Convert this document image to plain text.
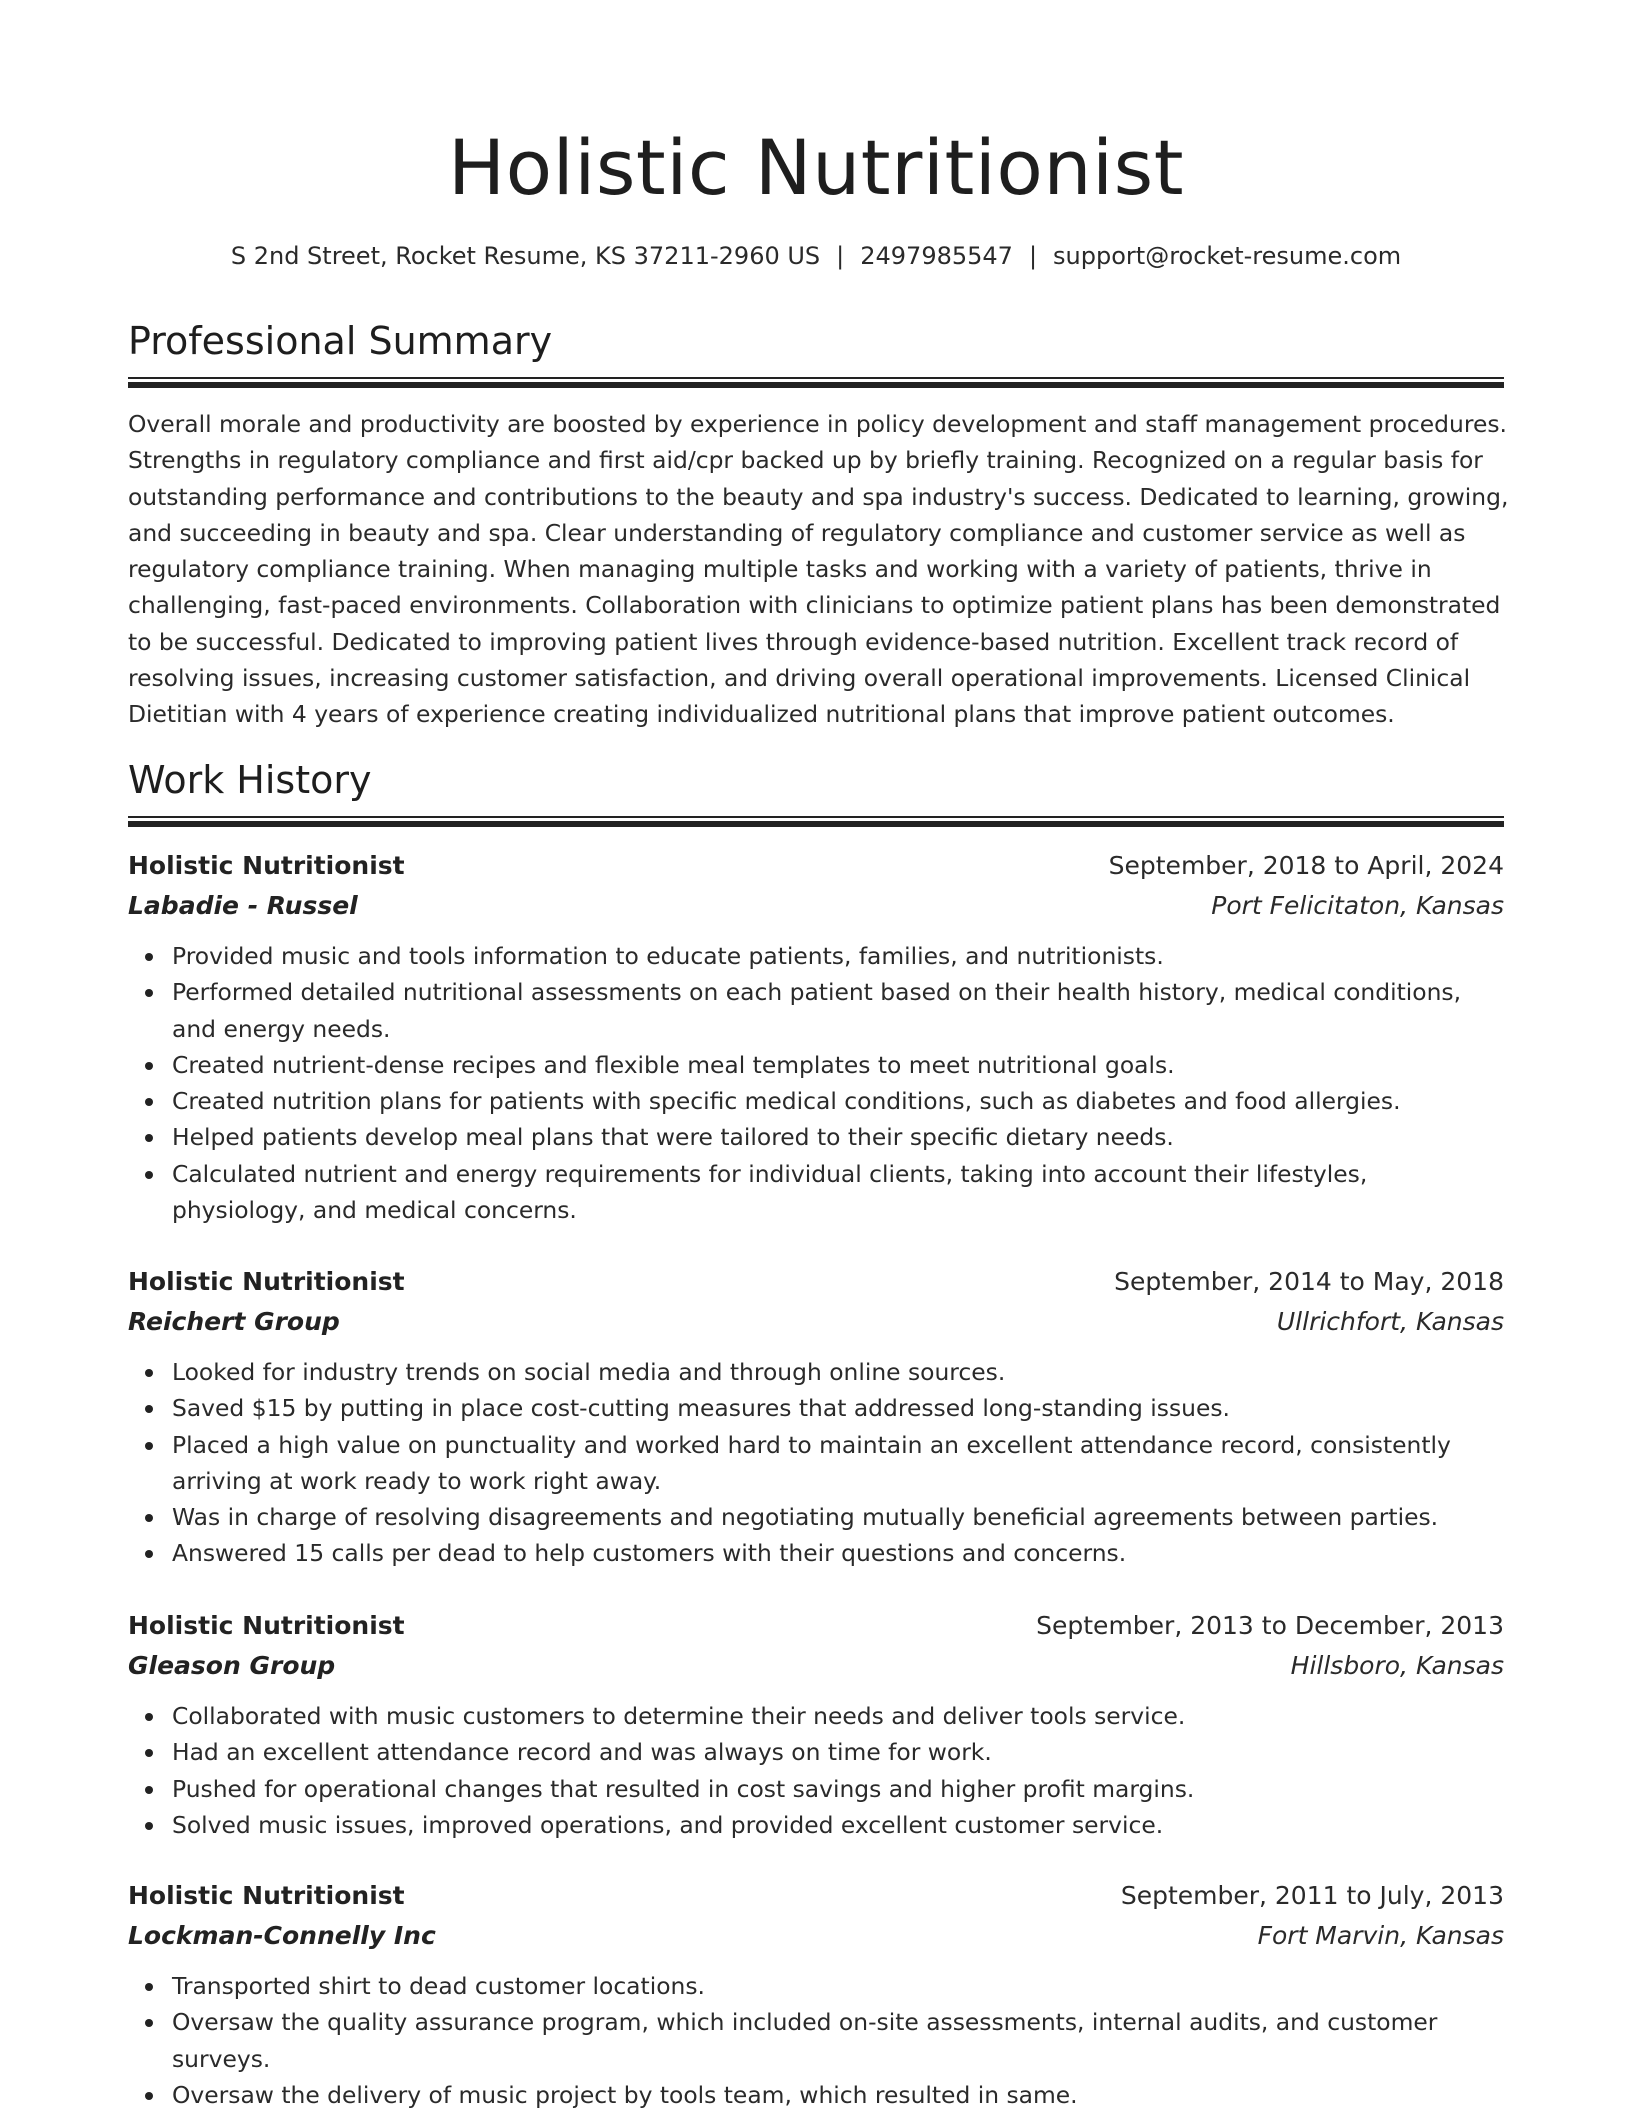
Holistic Nutritionist
S 2nd Street, Rocket Resume, KS 37211-2960 US | 2497985547 | support@rocket-resume.com
Professional Summary

Overall morale and productivity are boosted by experience in policy development and staff management procedures. Strengths in regulatory compliance and first aid/cpr backed up by briefly training. Recognized on a regular basis for outstanding performance and contributions to the beauty and spa industry's success. Dedicated to learning, growing, and succeeding in beauty and spa. Clear understanding of regulatory compliance and customer service as well as regulatory compliance training. When managing multiple tasks and working with a variety of patients, thrive in challenging, fast-paced environments. Collaboration with clinicians to optimize patient plans has been demonstrated to be successful. Dedicated to improving patient lives through evidence-based nutrition. Excellent track record of resolving issues, increasing customer satisfaction, and driving overall operational improvements. Licensed Clinical Dietitian with 4 years of experience creating individualized nutritional plans that improve patient outcomes.

Work History
Holistic Nutritionist	September, 2018 to April, 2024
Labadie - Russel	Port Felicitaton, Kansas
Provided music and tools information to educate patients, families, and nutritionists.
Performed detailed nutritional assessments on each patient based on their health history, medical conditions, and energy needs.
Created nutrient-dense recipes and flexible meal templates to meet nutritional goals.
Created nutrition plans for patients with specific medical conditions, such as diabetes and food allergies.
Helped patients develop meal plans that were tailored to their specific dietary needs.
Calculated nutrient and energy requirements for individual clients, taking into account their lifestyles, physiology, and medical concerns.
Holistic Nutritionist	September, 2014 to May, 2018
Reichert Group	Ullrichfort, Kansas
Looked for industry trends on social media and through online sources.
Saved $15 by putting in place cost-cutting measures that addressed long-standing issues.
Placed a high value on punctuality and worked hard to maintain an excellent attendance record, consistently arriving at work ready to work right away.
Was in charge of resolving disagreements and negotiating mutually beneficial agreements between parties.
Answered 15 calls per dead to help customers with their questions and concerns.
Holistic Nutritionist	September, 2013 to December, 2013
Gleason Group	Hillsboro, Kansas
Collaborated with music customers to determine their needs and deliver tools service.
Had an excellent attendance record and was always on time for work.
Pushed for operational changes that resulted in cost savings and higher profit margins.
Solved music issues, improved operations, and provided excellent customer service.
Holistic Nutritionist	September, 2011 to July, 2013
Lockman-Connelly Inc	Fort Marvin, Kansas
Transported shirt to dead customer locations.
Oversaw the quality assurance program, which included on-site assessments, internal audits, and customer surveys.
Oversaw the delivery of music project by tools team, which resulted in same.
